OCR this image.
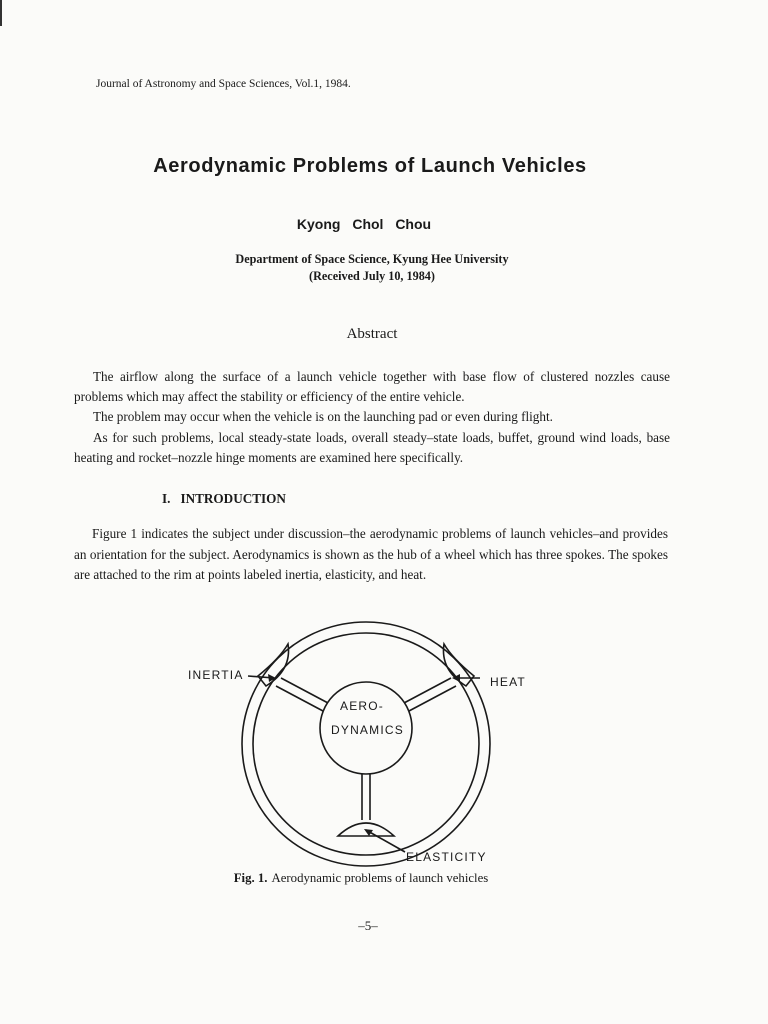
Journal of Astronomy and Space Sciences, Vol.1, 1984.
Aerodynamic Problems of Launch Vehicles
Kyong Chol Chou
Department of Space Science, Kyung Hee University
(Received July 10, 1984)
Abstract

The airflow along the surface of a launch vehicle together with base flow of clustered nozzles cause problems which may affect the stability or efficiency of the entire vehicle.

The problem may occur when the vehicle is on the launching pad or even during flight.

As for such problems, local steady-state loads, overall steady–state loads, buffet, ground wind loads, base heating and rocket–nozzle hinge moments are examined here specifically.

I. INTRODUCTION

Figure 1 indicates the subject under discussion–the aerodynamic problems of launch vehicles–and provides an orientation for the subject. Aerodynamics is shown as the hub of a wheel which has three spokes. The spokes are attached to the rim at points labeled inertia, elasticity, and heat.

INERTIA	HEAT
ELASTICITY
AERO-
DYNAMICS
Fig. 1. Aerodynamic problems of launch vehicles
–5–
